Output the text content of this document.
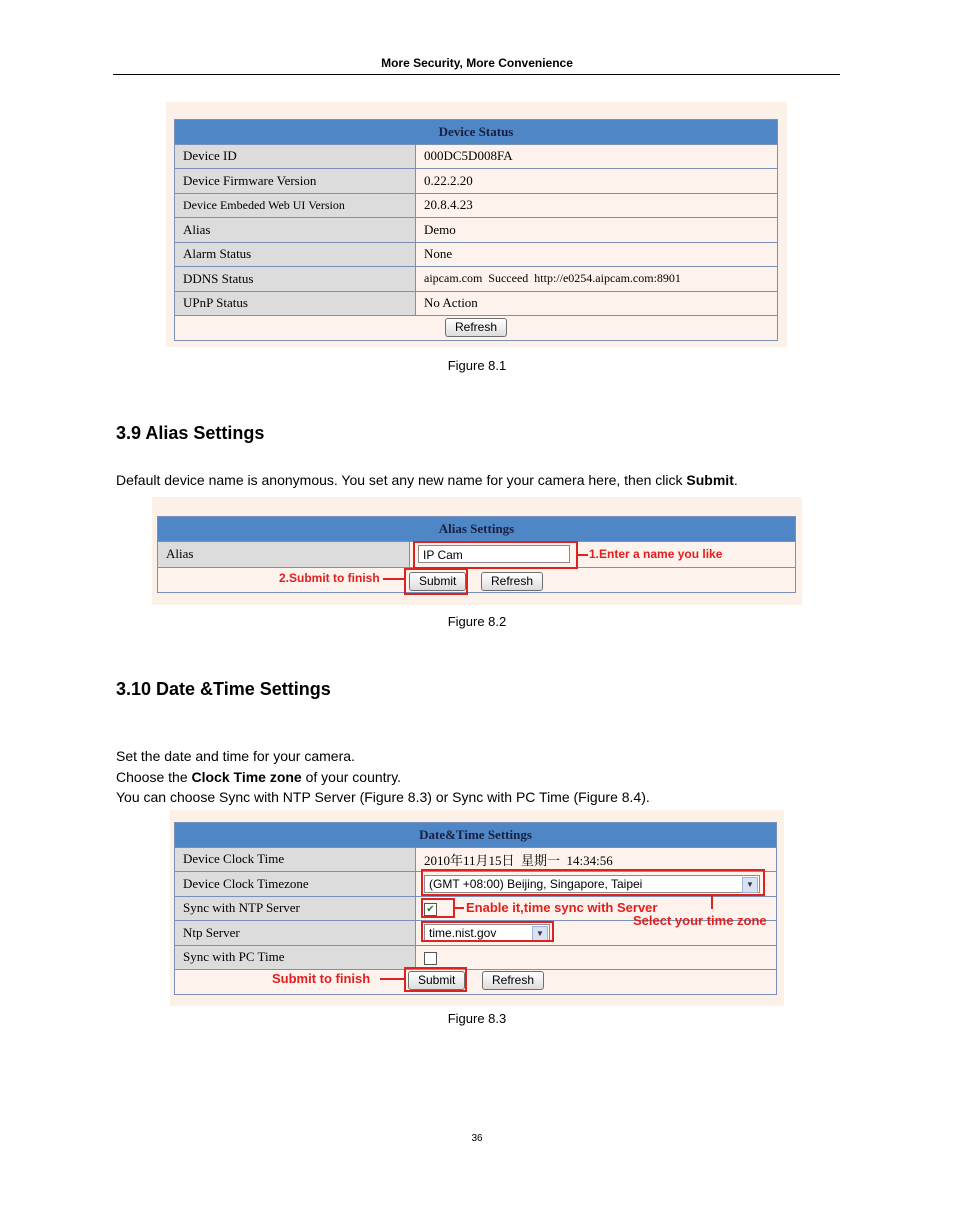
More Security, More Convenience
Device Status	
Device ID	000DC5D008FA
Device Firmware Version	0.22.2.20
Device Embeded Web UI Version	20.8.4.23
Alias	Demo
Alarm Status	None
DDNS Status	aipcam.com  Succeed  http://e0254.aipcam.com:8901
UPnP Status	No Action
Refresh	
Figure 8.1
3.9 Alias Settings
Default device name is anonymous. You set any new name for your camera here, then click Submit.
Alias Settings
Alias	IP Cam

Submit	Refresh
1.Enter a name you like
2.Submit to finish
Figure 8.2
3.10 Date &Time Settings
Set the date and time for your camera.
Choose the Clock Time zone of your country.
You can choose Sync with NTP Server (Figure 8.3) or Sync with PC Time (Figure 8.4).
Date&Time Settings	
Device Clock Time	2010年11月15日  星期一  14:34:56
Device Clock Timezone	(GMT +08:00) Beijing, Singapore, Taipei ▼

Sync with NTP Server	✔
Ntp Server	time.nist.gov ▼

Sync with PC Time	

Submit	Refresh
Select your time zone
Enable it,time sync with Server
Submit to finish
Figure 8.3
36
